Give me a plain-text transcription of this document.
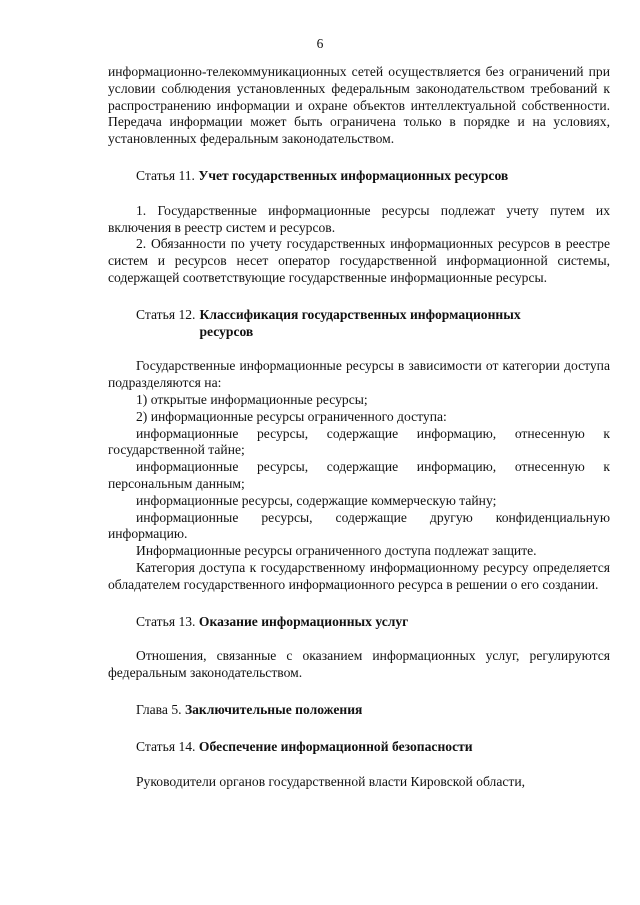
6

информационно-телекоммуникационных сетей осуществляется без ограничений при условии соблюдения установленных федеральным законодательством требований к распространению информации и охране объектов интеллектуальной собственности. Передача информации может быть ограничена только в порядке и на условиях, установленных федеральным законодательством.

Статья 11. Учет государственных информационных ресурсов

1. Государственные информационные ресурсы подлежат учету путем их включения в реестр систем и ресурсов.

2. Обязанности по учету государственных информационных ресурсов в реестре систем и ресурсов несет оператор государственной информационной системы, содержащей соответствующие государственные информационные ресурсы.

Статья 12. Классификация государственных информационных ресурсов

Государственные информационные ресурсы в зависимости от категории доступа подразделяются на:

1) открытые информационные ресурсы;

2) информационные ресурсы ограниченного доступа:

информационные ресурсы, содержащие информацию, отнесенную к государственной тайне;

информационные ресурсы, содержащие информацию, отнесенную к персональным данным;

информационные ресурсы, содержащие коммерческую тайну;

информационные ресурсы, содержащие другую конфиденциальную информацию.

Информационные ресурсы ограниченного доступа подлежат защите.

Категория доступа к государственному информационному ресурсу определяется обладателем государственного информационного ресурса в решении о его создании.

Статья 13. Оказание информационных услуг

Отношения, связанные с оказанием информационных услуг, регулируются федеральным законодательством.

Глава 5. Заключительные положения

Статья 14. Обеспечение информационной безопасности

Руководители органов государственной власти Кировской области,
